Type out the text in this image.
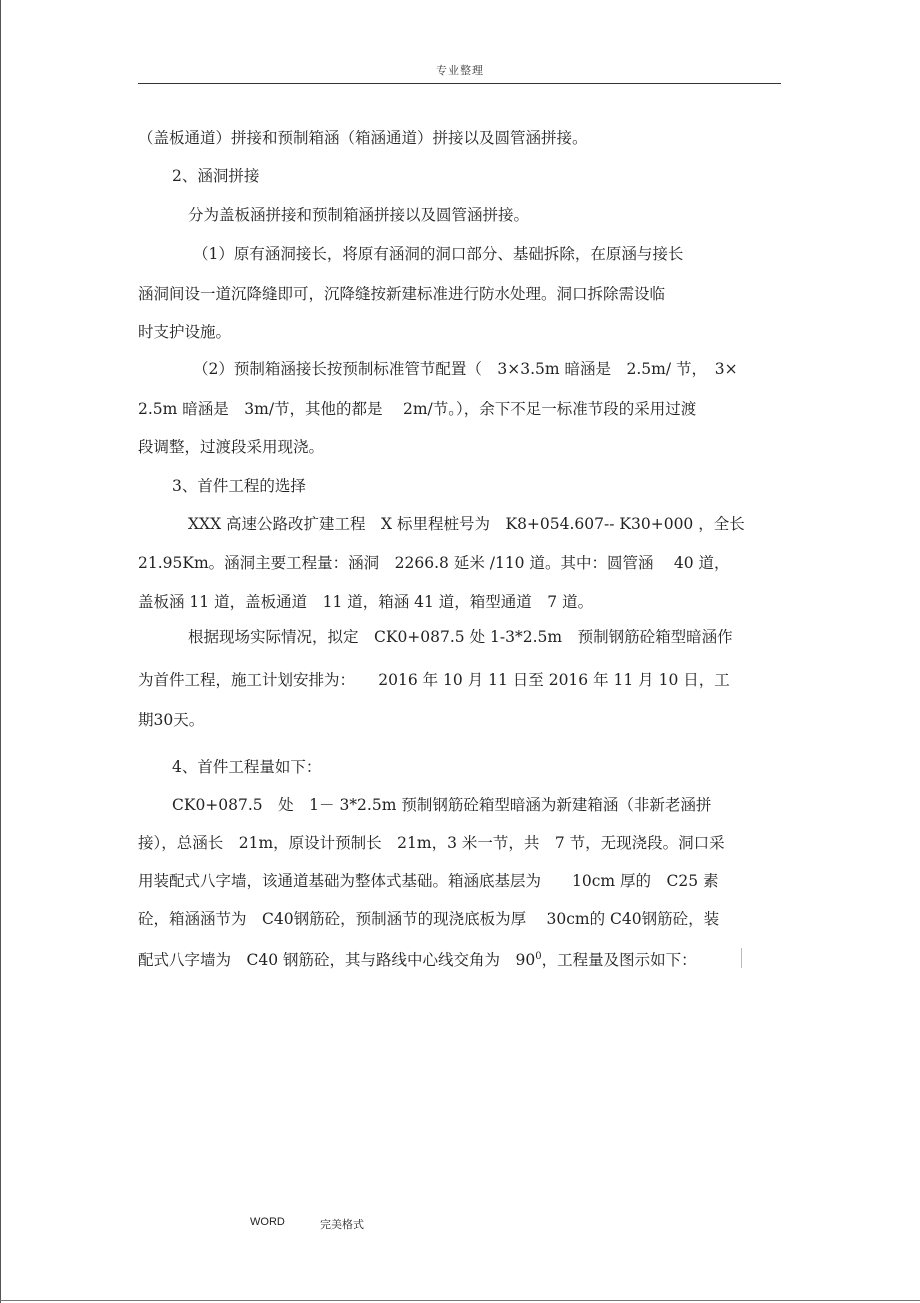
专业整理
（盖板通道）拼接和预制箱涵（箱涵通道）拼接以及圆管涵拼接。
2、涵洞拼接
分为盖板涵拼接和预制箱涵拼接以及圆管涵拼接。
（1）原有涵洞接长，将原有涵洞的洞口部分、基础拆除，在原涵与接长
涵洞间设一道沉降缝即可，沉降缝按新建标准进行防水处理。洞口拆除需设临
时支护设施。
（2）预制箱涵接长按预制标准管节配置（　3×3.5m 暗涵是　2.5m/ 节，　3×
2.5m 暗涵是　3m/节，其他的都是　 2m/节。），余下不足一标准节段的采用过渡
段调整，过渡段采用现浇。
3、首件工程的选择
XXX 高速公路改扩建工程　X 标里程桩号为　K8+054.607-- K30+000 ，全长
21.95Km。涵洞主要工程量：涵洞　2266.8 延米 /110 道。其中：圆管涵　 40 道，
盖板涵 11 道，盖板通道　11 道，箱涵 41 道，箱型通道　7 道。
根据现场实际情况，拟定　CK0+087.5 处 1-3*2.5m　预制钢筋砼箱型暗涵作
为首件工程，施工计划安排为：　　2016 年 10 月 11 日至 2016 年 11 月 10 日，工
期30天。
4、首件工程量如下：
CK0+087.5　处　1－ 3*2.5m 预制钢筋砼箱型暗涵为新建箱涵（非新老涵拼
接），总涵长　21m，原设计预制长　21m，3 米一节，共　7 节，无现浇段。洞口采
用装配式八字墙，该通道基础为整体式基础。箱涵底基层为　　10cm 厚的　C25 素
砼，箱涵涵节为　C40钢筋砼，预制涵节的现浇底板为厚　 30cm的 C40钢筋砼，装
配式八字墙为　C40 钢筋砼，其与路线中心线交角为　$90^0$，工程量及图示如下：
WORD	完美格式
